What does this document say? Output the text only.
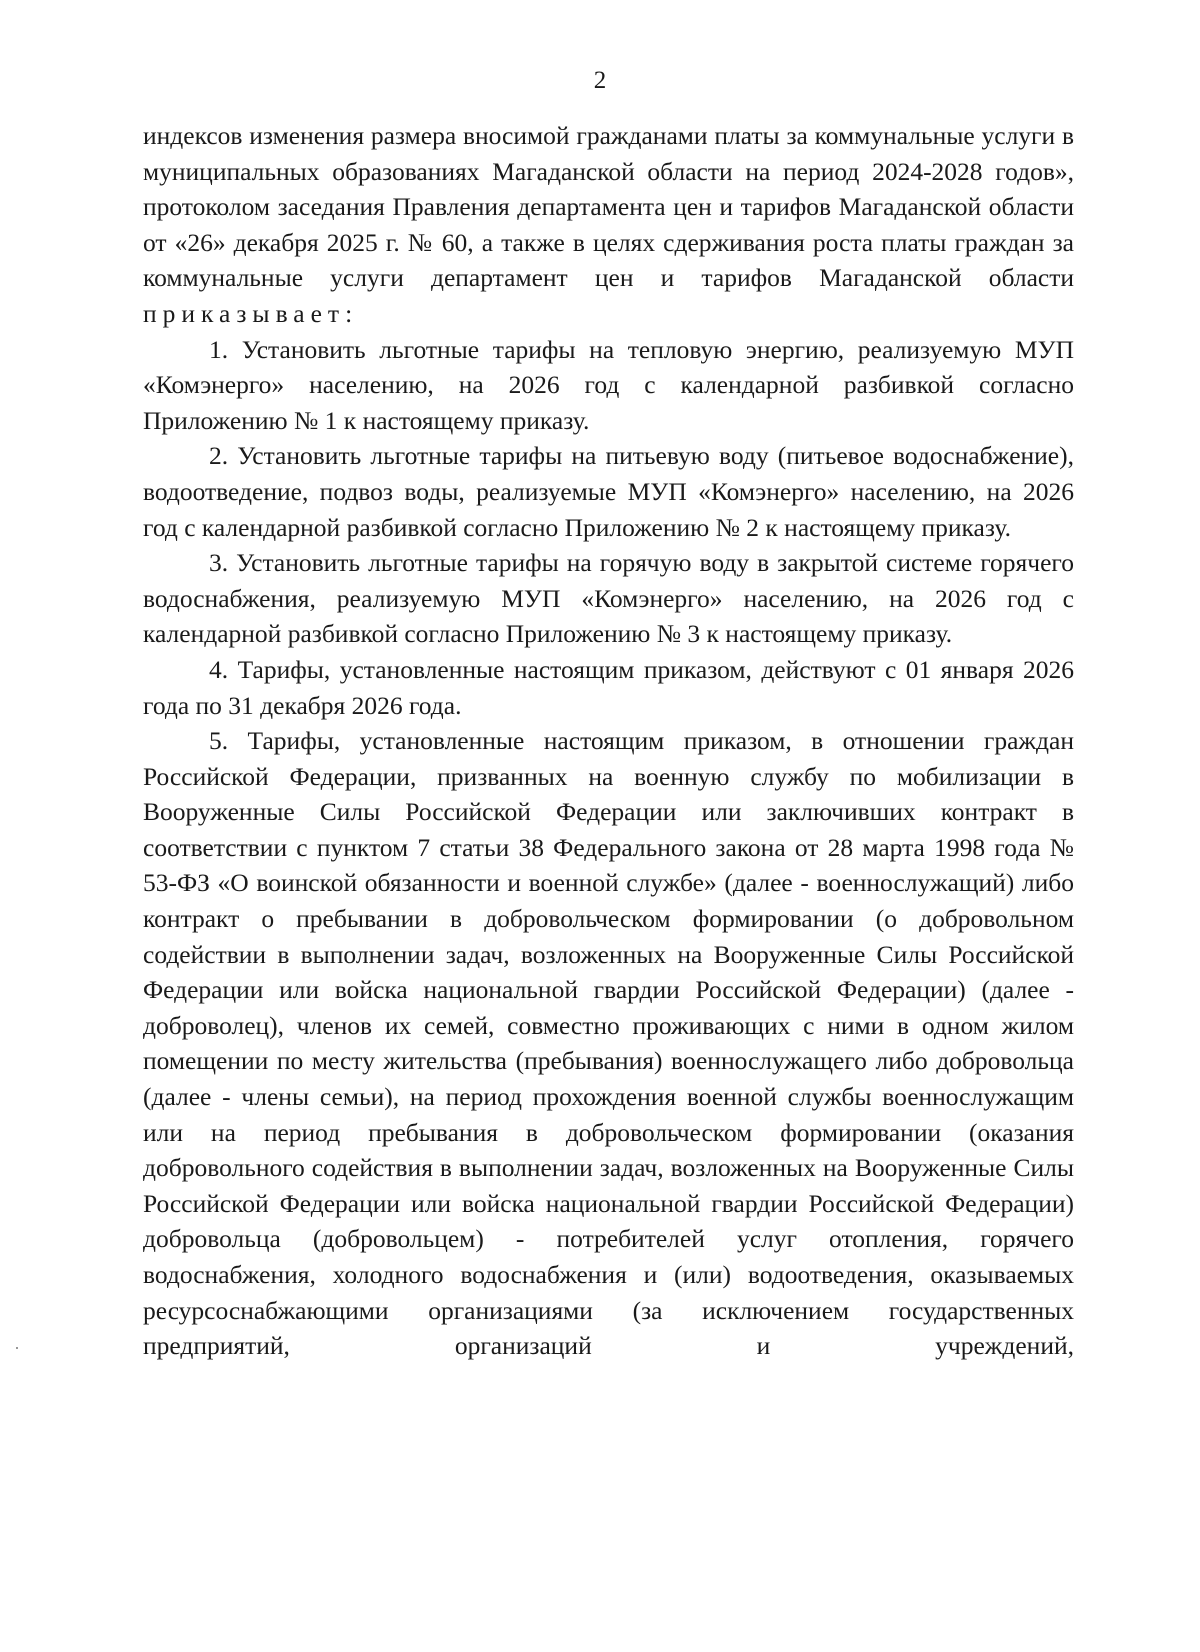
2

индексов изменения размера вносимой гражданами платы за коммунальные услуги в муниципальных образованиях Магаданской области на период 2024-2028 годов», протоколом заседания Правления департамента цен и тарифов Магаданской области от «26» декабря 2025 г. № 60, а также в целях сдерживания роста платы граждан за коммунальные услуги департамент цен и тарифов Магаданской области приказывает:

1. Установить льготные тарифы на тепловую энергию, реализуемую МУП «Комэнерго» населению, на 2026 год с календарной разбивкой согласно Приложению № 1 к настоящему приказу.

2. Установить льготные тарифы на питьевую воду (питьевое водоснабжение), водоотведение, подвоз воды, реализуемые МУП «Комэнерго» населению, на 2026 год с календарной разбивкой согласно Приложению № 2 к настоящему приказу.

3. Установить льготные тарифы на горячую воду в закрытой системе горячего водоснабжения, реализуемую МУП «Комэнерго» населению, на 2026 год с календарной разбивкой согласно Приложению № 3 к настоящему приказу.

4. Тарифы, установленные настоящим приказом, действуют с 01 января 2026 года по 31 декабря 2026 года.

5. Тарифы, установленные настоящим приказом, в отношении граждан Российской Федерации, призванных на военную службу по мобилизации в Вооруженные Силы Российской Федерации или заключивших контракт в соответствии с пунктом 7 статьи 38 Федерального закона от 28 марта 1998 года № 53-ФЗ «О воинской обязанности и военной службе» (далее - военнослужащий) либо контракт о пребывании в добровольческом формировании (о добровольном содействии в выполнении задач, возложенных на Вооруженные Силы Российской Федерации или войска национальной гвардии Российской Федерации) (далее - доброволец), членов их семей, совместно проживающих с ними в одном жилом помещении по месту жительства (пребывания) военнослужащего либо добровольца (далее - члены семьи), на период прохождения военной службы военнослужащим или на период пребывания в добровольческом формировании (оказания добровольного содействия в выполнении задач, возложенных на Вооруженные Силы Российской Федерации или войска национальной гвардии Российской Федерации) добровольца (добровольцем) - потребителей услуг отопления, горячего водоснабжения, холодного водоснабжения и (или) водоотведения, оказываемых ресурсоснабжающими организациями (за исключением государственных предприятий, организаций и учреждений,
